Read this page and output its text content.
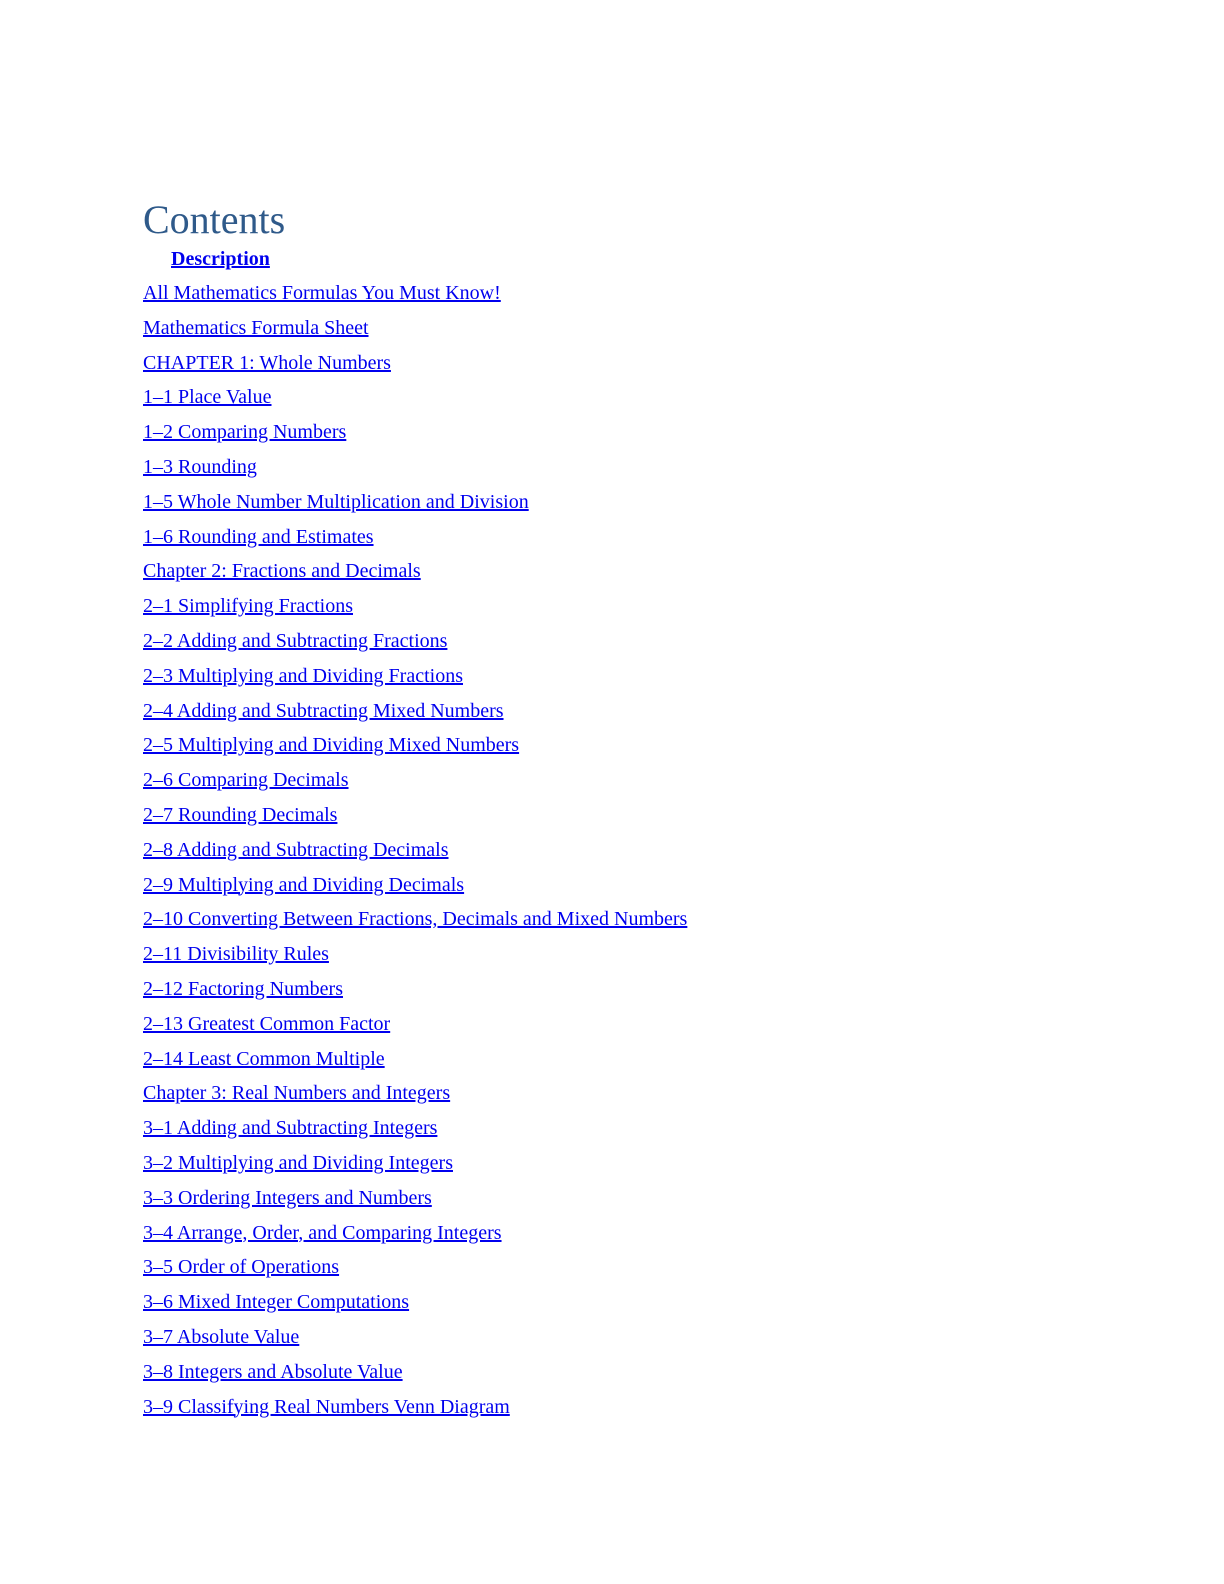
Contents
Description
All Mathematics Formulas You Must Know!
Mathematics Formula Sheet
CHAPTER 1: Whole Numbers
1–1 Place Value
1–2 Comparing Numbers
1–3 Rounding
1–5 Whole Number Multiplication and Division
1–6 Rounding and Estimates
Chapter 2: Fractions and Decimals
2–1 Simplifying Fractions
2–2 Adding and Subtracting Fractions
2–3 Multiplying and Dividing Fractions
2–4 Adding and Subtracting Mixed Numbers
2–5 Multiplying and Dividing Mixed Numbers
2–6 Comparing Decimals
2–7 Rounding Decimals
2–8 Adding and Subtracting Decimals
2–9 Multiplying and Dividing Decimals
2–10 Converting Between Fractions, Decimals and Mixed Numbers
2–11 Divisibility Rules
2–12 Factoring Numbers
2–13 Greatest Common Factor
2–14 Least Common Multiple
Chapter 3: Real Numbers and Integers
3–1 Adding and Subtracting Integers
3–2 Multiplying and Dividing Integers
3–3 Ordering Integers and Numbers
3–4 Arrange, Order, and Comparing Integers
3–5 Order of Operations
3–6 Mixed Integer Computations
3–7 Absolute Value
3–8 Integers and Absolute Value
3–9 Classifying Real Numbers Venn Diagram
